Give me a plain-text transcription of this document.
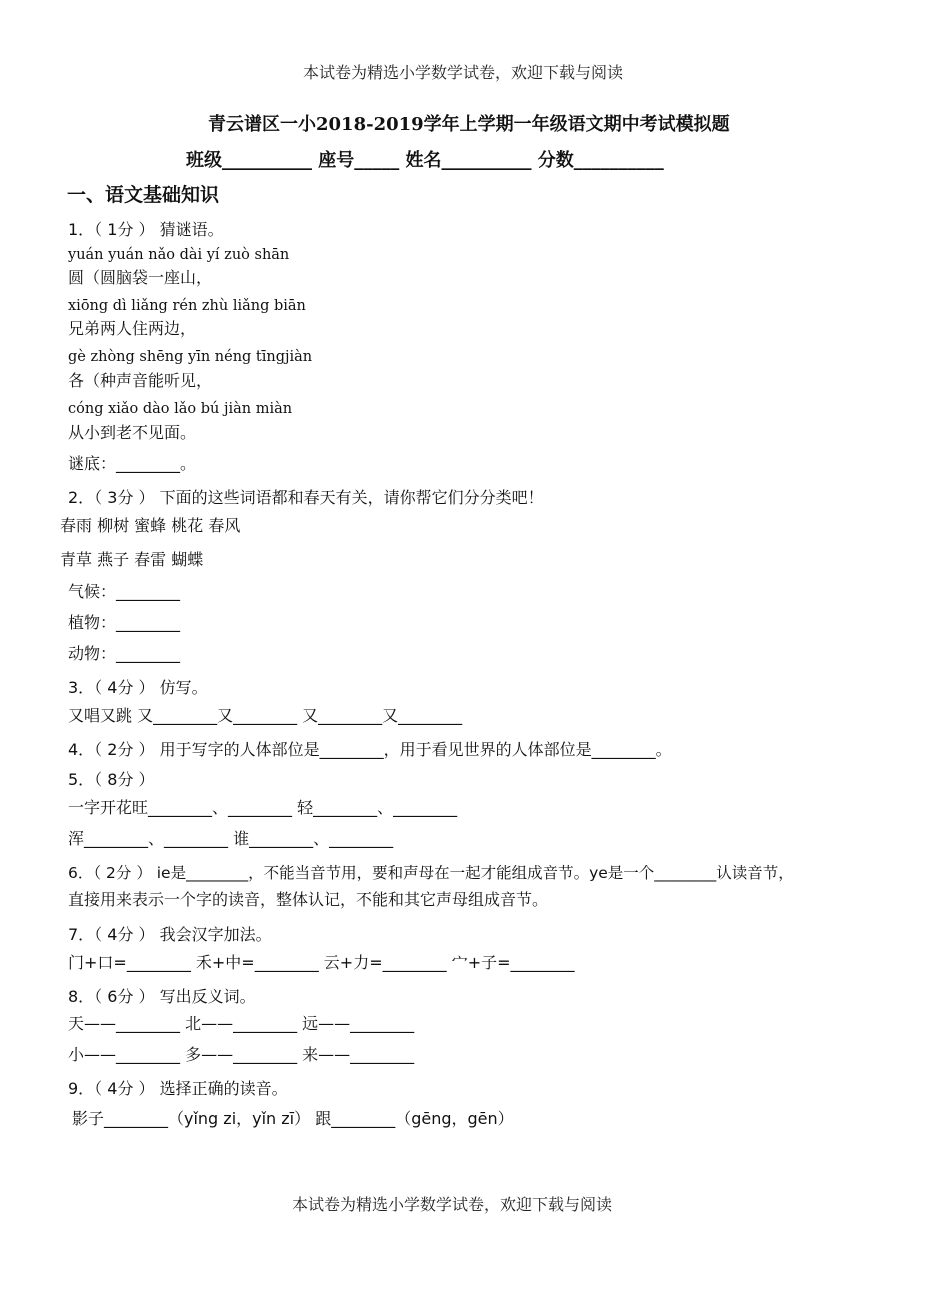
本试卷为精选小学数学试卷，欢迎下载与阅读
青云谱区一小2018-2019学年上学期一年级语文期中考试模拟题
班级__________ 座号_____ 姓名__________ 分数__________
一、语文基础知识
1．（ 1分 ） 猜谜语。
yuán yuán nǎo dài yí zuò shān
圆（圆脑袋一座山，
xiōng dì liǎng rén zhù liǎng biān
兄弟两人住两边，
gè zhòng shēng yīn néng tīngjiàn
各（种声音能听见，
cóng xiǎo dào lǎo bú jiàn miàn
从小到老不见面。
谜底：________。
2．（ 3分 ） 下面的这些词语都和春天有关，请你帮它们分分类吧！
春雨 柳树 蜜蜂 桃花 春风
青草 燕子 春雷 蝴蝶
气候：________
植物：________
动物：________
3．（ 4分 ） 仿写。
又唱又跳 又________又________ 又________又________
4．（ 2分 ） 用于写字的人体部位是________，用于看见世界的人体部位是________。
5．（ 8分 ）
一字开花旺________、________ 轻________、________
浑________、________ 谁________、________
6．（ 2分 ） ie是________，不能当音节用，要和声母在一起才能组成音节。ye是一个________认读音节，
直接用来表示一个字的读音，整体认记，不能和其它声母组成音节。
7．（ 4分 ） 我会汉字加法。
门+口=________ 禾+中=________ 云+力=________ 宀+子=________
8．（ 6分 ） 写出反义词。
天——________ 北——________ 远——________
小——________ 多——________ 来——________
9．（ 4分 ） 选择正确的读音。
影子________（yǐng zi，yǐn zī） 跟________（gēng，gēn）
本试卷为精选小学数学试卷，欢迎下载与阅读
